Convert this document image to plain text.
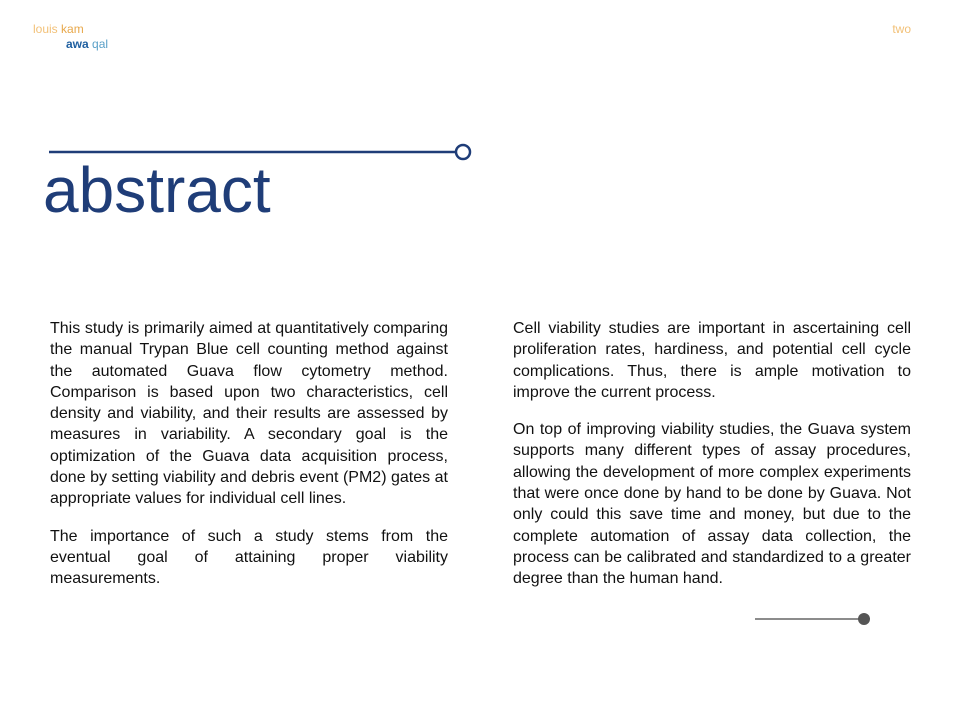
louis kam
awa qal
two
abstract

This study is primarily aimed at quantitatively comparing the manual Trypan Blue cell counting method against the automated Guava flow cytometry method. Comparison is based upon two characteristics, cell density and viability, and their results are assessed by measures in variability. A secondary goal is the optimization of the Guava data acquisition process, done by setting viability and debris event (PM2) gates at appropriate values for individual cell lines.

The importance of such a study stems from the eventual goal of attaining proper viability measurements.

Cell viability studies are important in ascertaining cell proliferation rates, hardiness, and potential cell cycle complications. Thus, there is ample motivation to improve the current process.

On top of improving viability studies, the Guava system supports many different types of assay procedures, allowing the development of more complex experiments that were once done by hand to be done by Guava. Not only could this save time and money, but due to the complete automation of assay data collection, the process can be calibrated and standardized to a greater degree than the human hand.
